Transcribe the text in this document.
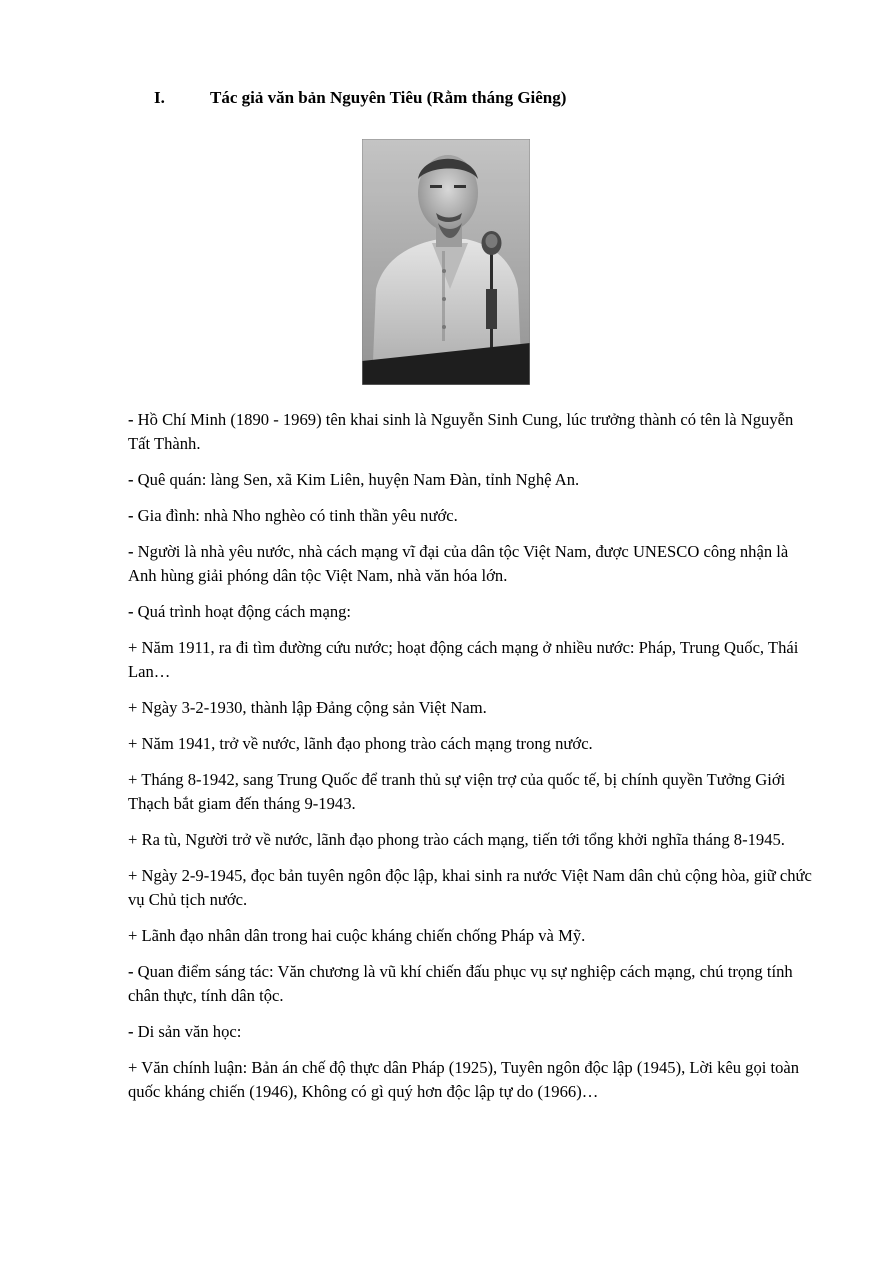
I.	Tác giả văn bản Nguyên Tiêu (Rằm tháng Giêng)

- Hồ Chí Minh (1890 - 1969) tên khai sinh là Nguyễn Sinh Cung, lúc trưởng thành có tên là Nguyễn Tất Thành.

- Quê quán: làng Sen, xã Kim Liên, huyện Nam Đàn, tỉnh Nghệ An.

- Gia đình: nhà Nho nghèo có tinh thần yêu nước.

- Người là nhà yêu nước, nhà cách mạng vĩ đại của dân tộc Việt Nam, được UNESCO công nhận là Anh hùng giải phóng dân tộc Việt Nam, nhà văn hóa lớn.

- Quá trình hoạt động cách mạng:

+ Năm 1911, ra đi tìm đường cứu nước; hoạt động cách mạng ở nhiều nước: Pháp, Trung Quốc, Thái Lan…

+ Ngày 3-2-1930, thành lập Đảng cộng sản Việt Nam.

+ Năm 1941, trở về nước, lãnh đạo phong trào cách mạng trong nước.

+ Tháng 8-1942, sang Trung Quốc để tranh thủ sự viện trợ của quốc tế, bị chính quyền Tưởng Giới Thạch bắt giam đến tháng 9-1943.

+ Ra tù, Người trở về nước, lãnh đạo phong trào cách mạng, tiến tới tổng khởi nghĩa tháng 8-1945.

+ Ngày 2-9-1945, đọc bản tuyên ngôn độc lập, khai sinh ra nước Việt Nam dân chủ cộng hòa, giữ chức vụ Chủ tịch nước.

+ Lãnh đạo nhân dân trong hai cuộc kháng chiến chống Pháp và Mỹ.

- Quan điểm sáng tác: Văn chương là vũ khí chiến đấu phục vụ sự nghiệp cách mạng, chú trọng tính chân thực, tính dân tộc.

- Di sản văn học:

+ Văn chính luận: Bản án chế độ thực dân Pháp (1925), Tuyên ngôn độc lập (1945), Lời kêu gọi toàn quốc kháng chiến (1946), Không có gì quý hơn độc lập tự do (1966)…
